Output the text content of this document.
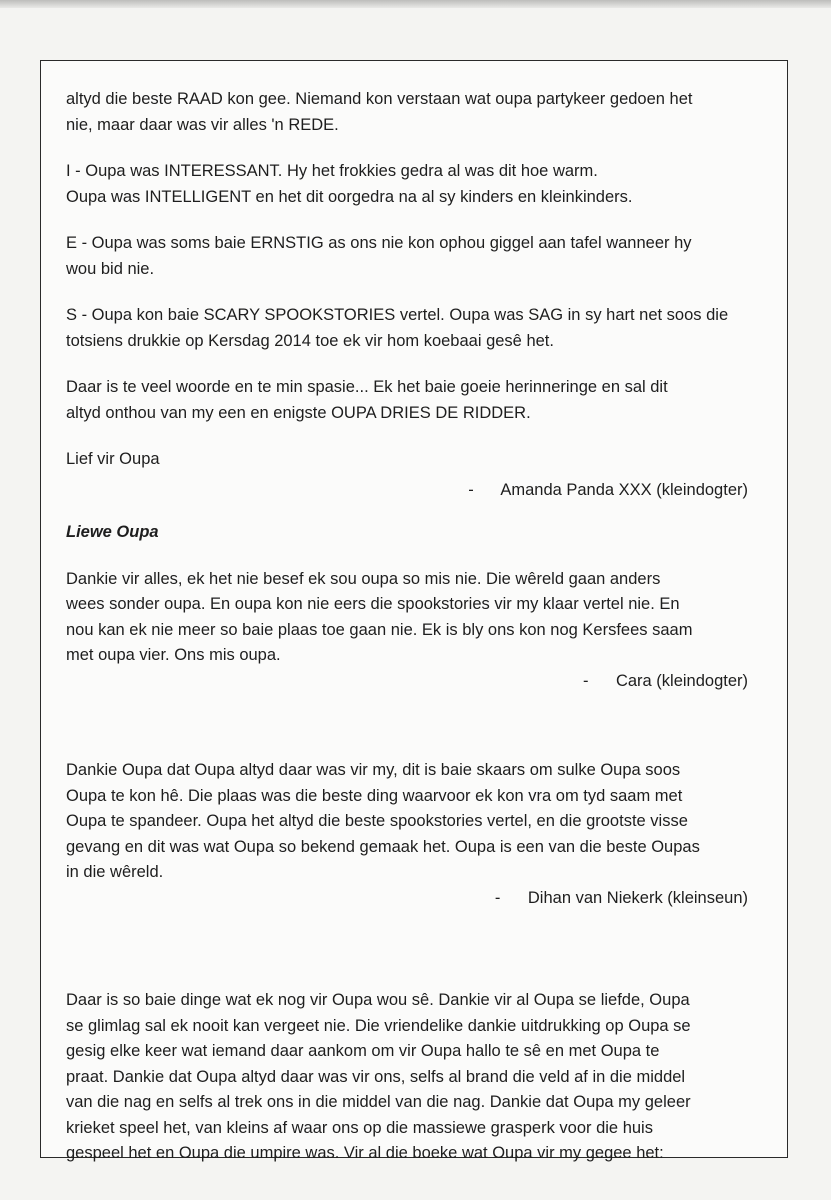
altyd die beste RAAD kon gee. Niemand kon verstaan wat oupa partykeer gedoen het
nie, maar daar was vir alles 'n REDE.

I - Oupa was INTERESSANT. Hy het frokkies gedra al was dit hoe warm.
Oupa was INTELLIGENT en het dit oorgedra na al sy kinders en kleinkinders.

E - Oupa was soms baie ERNSTIG as ons nie kon ophou giggel aan tafel wanneer hy
wou bid nie.

S - Oupa kon baie SCARY SPOOKSTORIES vertel. Oupa was SAG in sy hart net soos die
totsiens drukkie op Kersdag 2014 toe ek vir hom koebaai gesê het.

Daar is te veel woorde en te min spasie... Ek het baie goeie herinneringe en sal dit
altyd onthou van my een en enigste OUPA DRIES DE RIDDER.

Lief vir Oupa

-      Amanda Panda XXX (kleindogter)

Liewe Oupa

Dankie vir alles, ek het nie besef ek sou oupa so mis nie. Die wêreld gaan anders
wees sonder oupa. En oupa kon nie eers die spookstories vir my klaar vertel nie. En
nou kan ek nie meer so baie plaas toe gaan nie. Ek is bly ons kon nog Kersfees saam
met oupa vier. Ons mis oupa.

-      Cara (kleindogter)

Dankie Oupa dat Oupa altyd daar was vir my, dit is baie skaars om sulke Oupa soos
Oupa te kon hê. Die plaas was die beste ding waarvoor ek kon vra om tyd saam met
Oupa te spandeer. Oupa het altyd die beste spookstories vertel, en die grootste visse
gevang en dit was wat Oupa so bekend gemaak het. Oupa is een van die beste Oupas
in die wêreld.

-      Dihan van Niekerk (kleinseun)

Daar is so baie dinge wat ek nog vir Oupa wou sê. Dankie vir al Oupa se liefde, Oupa
se glimlag sal ek nooit kan vergeet nie. Die vriendelike dankie uitdrukking op Oupa se
gesig elke keer wat iemand daar aankom om vir Oupa hallo te sê en met Oupa te
praat. Dankie dat Oupa altyd daar was vir ons, selfs al brand die veld af in die middel
van die nag en selfs al trek ons in die middel van die nag. Dankie dat Oupa my geleer
krieket speel het, van kleins af waar ons op die massiewe grasperk voor die huis
gespeel het en Oupa die umpire was. Vir al die boeke wat Oupa vir my gegee het:
